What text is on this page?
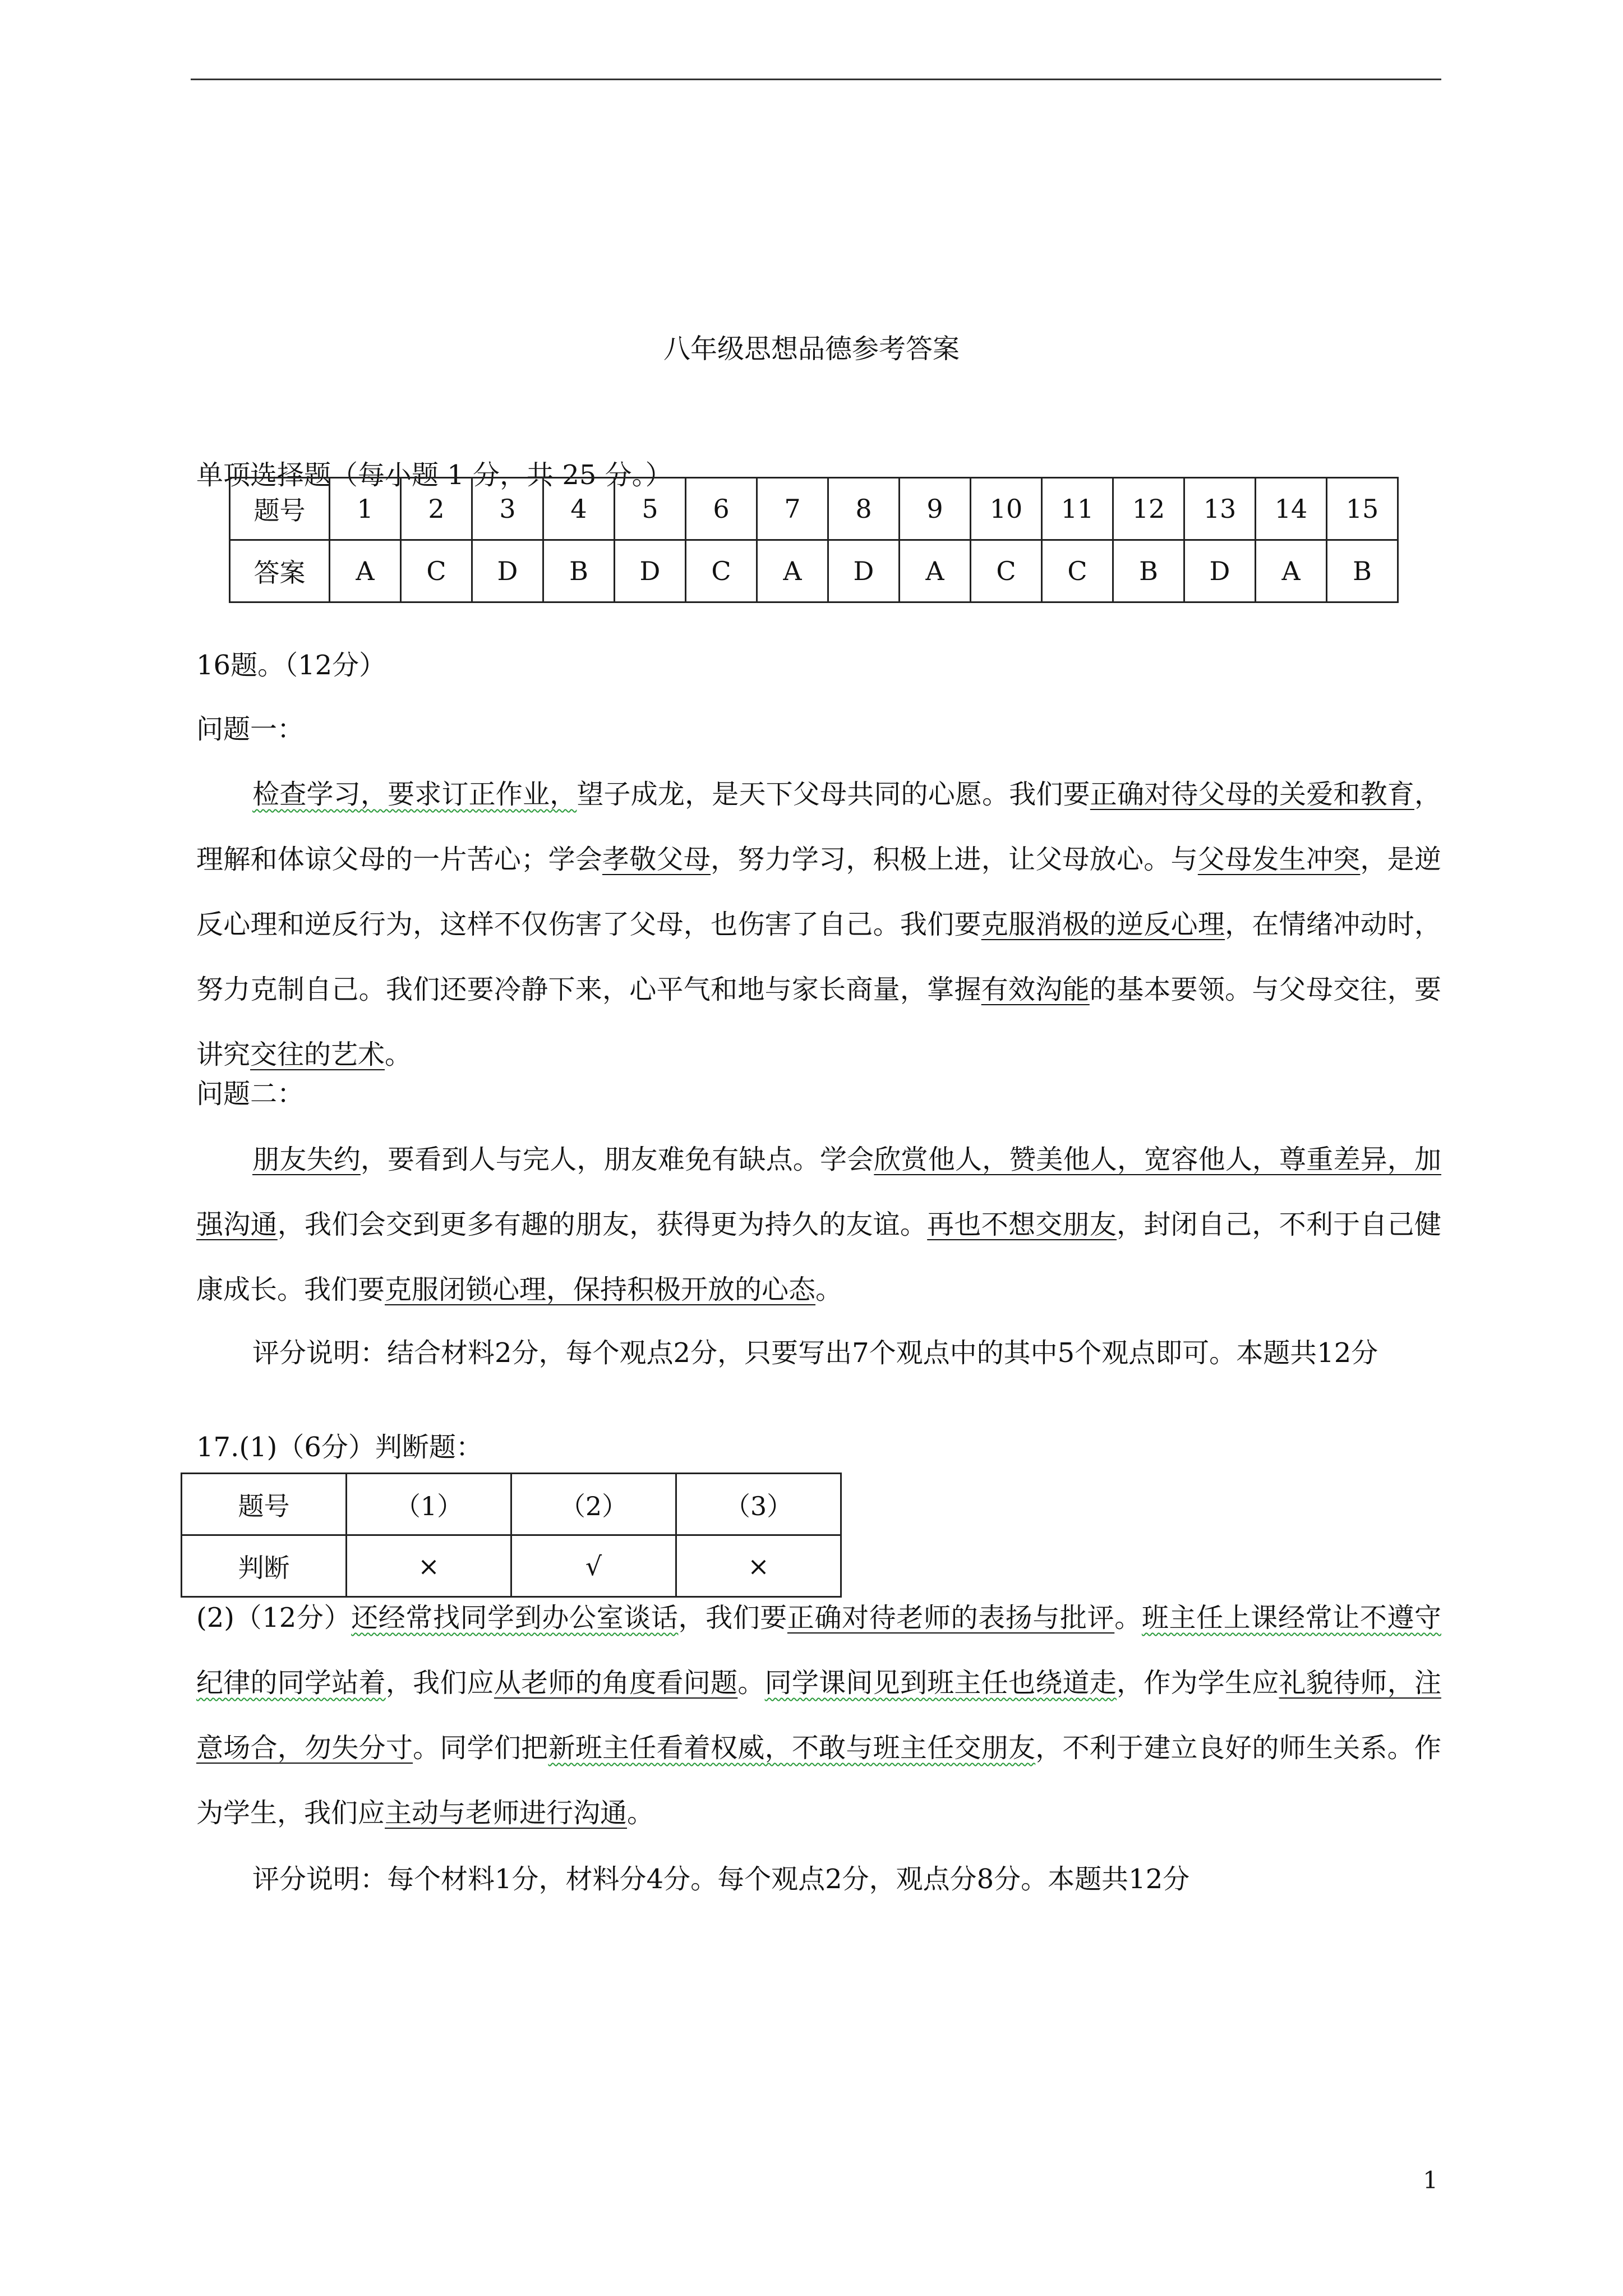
八年级思想品德参考答案
单项选择题（每小题 1 分，共 25 分。）
题号	1	2	3	4	5	6	7	8	9	10	11	12	13	14	15
答案	A	C	D	B	D	C	A	D	A	C	C	B	D	A	B
16题。（12分）
问题一：
检查学习，要求订正作业，望子成龙，是天下父母共同的心愿。我们要正确对待父母的关爱和教育，理解和体谅父母的一片苦心；学会孝敬父母，努力学习，积极上进，让父母放心。与父母发生冲突，是逆反心理和逆反行为，这样不仅伤害了父母，也伤害了自己。我们要克服消极的逆反心理，在情绪冲动时，努力克制自己。我们还要冷静下来，心平气和地与家长商量，掌握有效沟能的基本要领。与父母交往，要讲究交往的艺术。
问题二：
朋友失约，要看到人与完人，朋友难免有缺点。学会欣赏他人，赞美他人，宽容他人，尊重差异，加强沟通，我们会交到更多有趣的朋友，获得更为持久的友谊。再也不想交朋友，封闭自己，不利于自己健康成长。我们要克服闭锁心理，保持积极开放的心态。
评分说明：结合材料2分，每个观点2分，只要写出7个观点中的其中5个观点即可。本题共12分
17.(1)（6分）判断题：
题号	（1）	（2）	（3）
判断	×	√	×
(2)（12分）还经常找同学到办公室谈话，我们要正确对待老师的表扬与批评。班主任上课经常让不遵守纪律的同学站着，我们应从老师的角度看问题。同学课间见到班主任也绕道走，作为学生应礼貌待师，注意场合，勿失分寸。同学们把新班主任看着权威，不敢与班主任交朋友，不利于建立良好的师生关系。作为学生，我们应主动与老师进行沟通。
评分说明：每个材料1分，材料分4分。每个观点2分，观点分8分。本题共12分
1
